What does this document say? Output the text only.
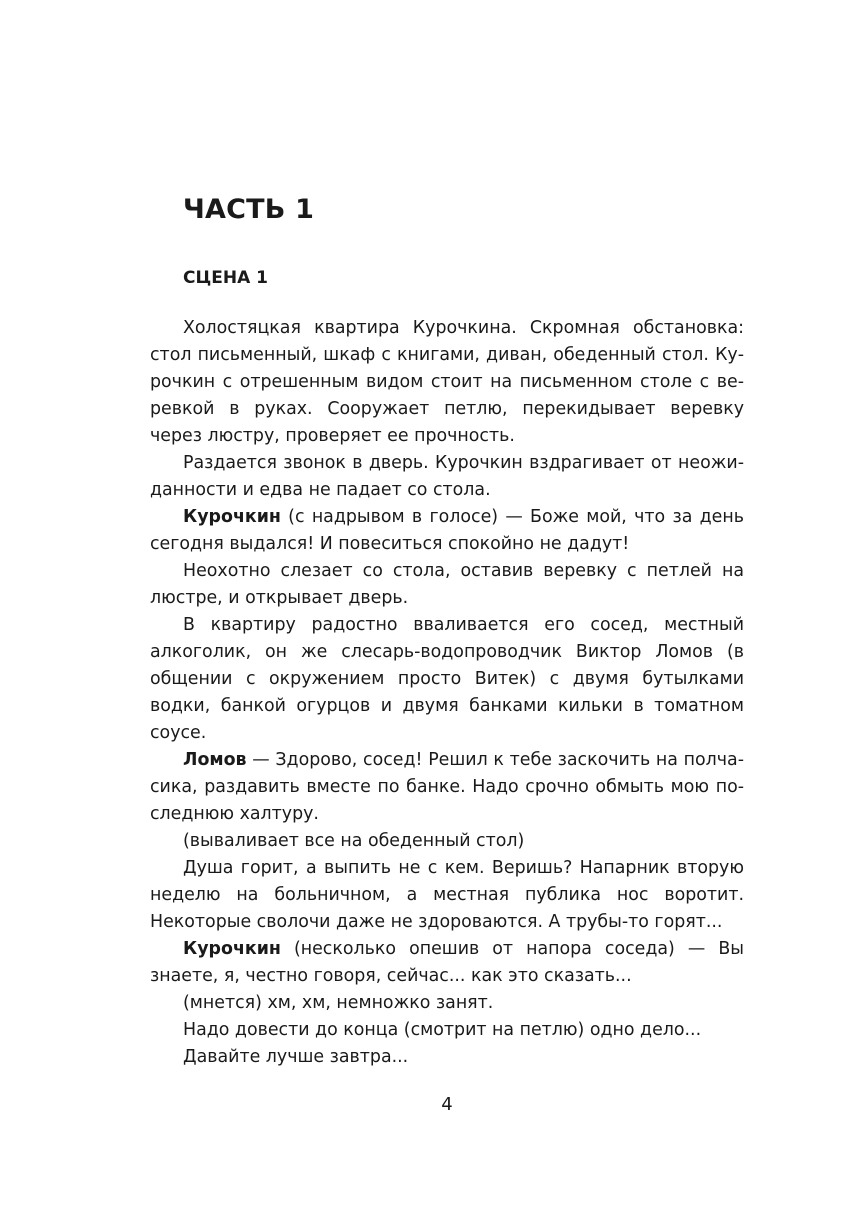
ЧАСТЬ 1
СЦЕНА 1

Холостяцкая квартира Курочкина. Скромная обстановка: стол письменный, шкаф с книгами, диван, обеденный стол. Курочкин с отрешенным видом стоит на письменном столе с веревкой в руках. Сооружает петлю, перекидывает веревку через люстру, проверяет ее прочность.

Раздается звонок в дверь. Курочкин вздрагивает от неожиданности и едва не падает со стола.

Курочкин (с надрывом в голосе) — Боже мой, что за день сегодня выдался! И повеситься спокойно не дадут!

Неохотно слезает со стола, оставив веревку с петлей на люстре, и открывает дверь.

В квартиру радостно вваливается его сосед, местный алкоголик, он же слесарь-водопроводчик Виктор Ломов (в общении с окружением просто Витек) с двумя бутылками водки, банкой огурцов и двумя банками кильки в томатном соусе.

Ломов — Здорово, сосед! Решил к тебе заскочить на полчасика, раздавить вместе по банке. Надо срочно обмыть мою последнюю халтуру.

(вываливает все на обеденный стол)

Душа горит, а выпить не с кем. Веришь? Напарник вторую неделю на больничном, а местная публика нос воротит. Некоторые сволочи даже не здороваются. А трубы-то горят...

Курочкин (несколько опешив от напора соседа) — Вы знаете, я, честно говоря, сейчас... как это сказать...

(мнется) хм, хм, немножко занят.

Надо довести до конца (смотрит на петлю) одно дело...

Давайте лучше завтра...

4
